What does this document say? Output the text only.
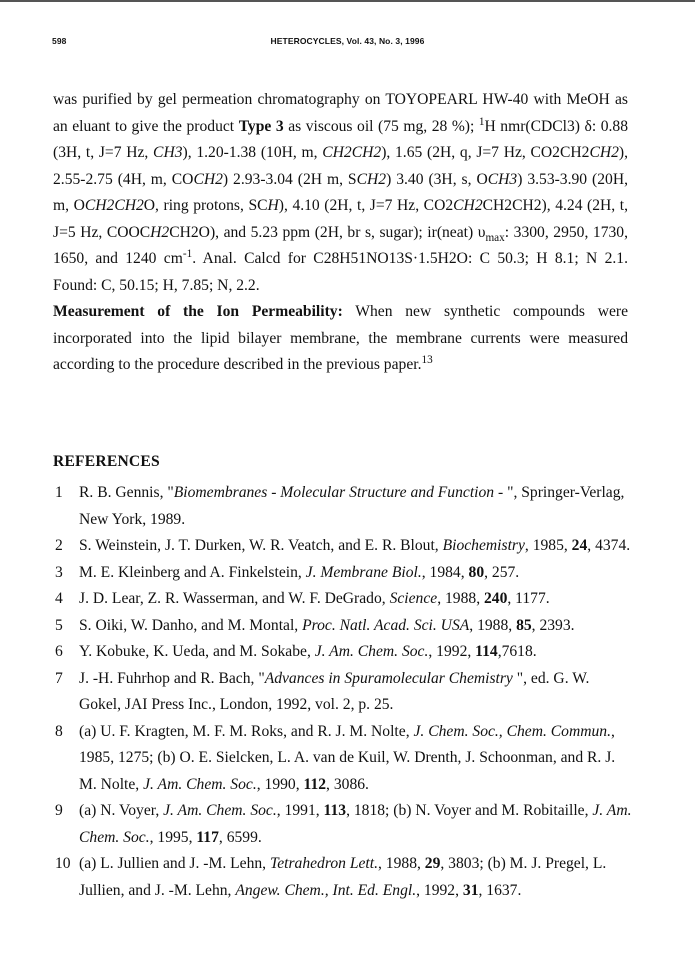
598	HETEROCYCLES, Vol. 43, No. 3, 1996

was purified by gel permeation chromatography on TOYOPEARL HW-40 with MeOH as an eluant to give the product Type 3 as viscous oil (75 mg, 28 %); $^1$H nmr(CDCl3) δ: 0.88 (3H, t, J=7 Hz, CH3), 1.20-1.38 (10H, m, CH2CH2), 1.65 (2H, q, J=7 Hz, CO2CH2CH2), 2.55-2.75 (4H, m, COCH2) 2.93-3.04 (2H m, SCH2) 3.40 (3H, s, OCH3) 3.53-3.90 (20H, m, OCH2CH2O, ring protons, SCH), 4.10 (2H, t, J=7 Hz, CO2CH2CH2CH2), 4.24 (2H, t, J=5 Hz, COOCH2CH2O), and 5.23 ppm (2H, br s, sugar); ir(neat) $\upsilon_{max}$: 3300, 2950, 1730, 1650, and 1240 $cm^{-1}$. Anal. Calcd for C28H51NO13S·1.5H2O: C 50.3; H 8.1; N 2.1. Found: C, 50.15; H, 7.85; N, 2.2.

Measurement of the Ion Permeability: When new synthetic compounds were incorporated into the lipid bilayer membrane, the membrane currents were measured according to the procedure described in the previous paper.$^{13}$

REFERENCES
1	R. B. Gennis, "Biomembranes - Molecular Structure and Function - ", Springer-Verlag, New York, 1989.
2	S. Weinstein, J. T. Durken, W. R. Veatch, and E. R. Blout, Biochemistry, 1985, 24, 4374.
3	M. E. Kleinberg and A. Finkelstein, J. Membrane Biol., 1984, 80, 257.
4	J. D. Lear, Z. R. Wasserman, and W. F. DeGrado, Science, 1988, 240, 1177.
5	S. Oiki, W. Danho, and M. Montal, Proc. Natl. Acad. Sci. USA, 1988, 85, 2393.
6	Y. Kobuke, K. Ueda, and M. Sokabe, J. Am. Chem. Soc., 1992, 114,7618.
7	J. -H. Fuhrhop and R. Bach, "Advances in Spuramolecular Chemistry ", ed. G. W. Gokel, JAI Press Inc., London, 1992, vol. 2, p. 25.
8	(a) U. F. Kragten, M. F. M. Roks, and R. J. M. Nolte, J. Chem. Soc., Chem. Commun., 1985, 1275; (b) O. E. Sielcken, L. A. van de Kuil, W. Drenth, J. Schoonman, and R. J. M. Nolte, J. Am. Chem. Soc., 1990, 112, 3086.
9	(a) N. Voyer, J. Am. Chem. Soc., 1991, 113, 1818; (b) N. Voyer and M. Robitaille, J. Am. Chem. Soc., 1995, 117, 6599.
10 (a) L. Jullien and J. -M. Lehn, Tetrahedron Lett., 1988, 29, 3803; (b) M. J. Pregel, L. Jullien, and J. -M. Lehn, Angew. Chem., Int. Ed. Engl., 1992, 31, 1637.
